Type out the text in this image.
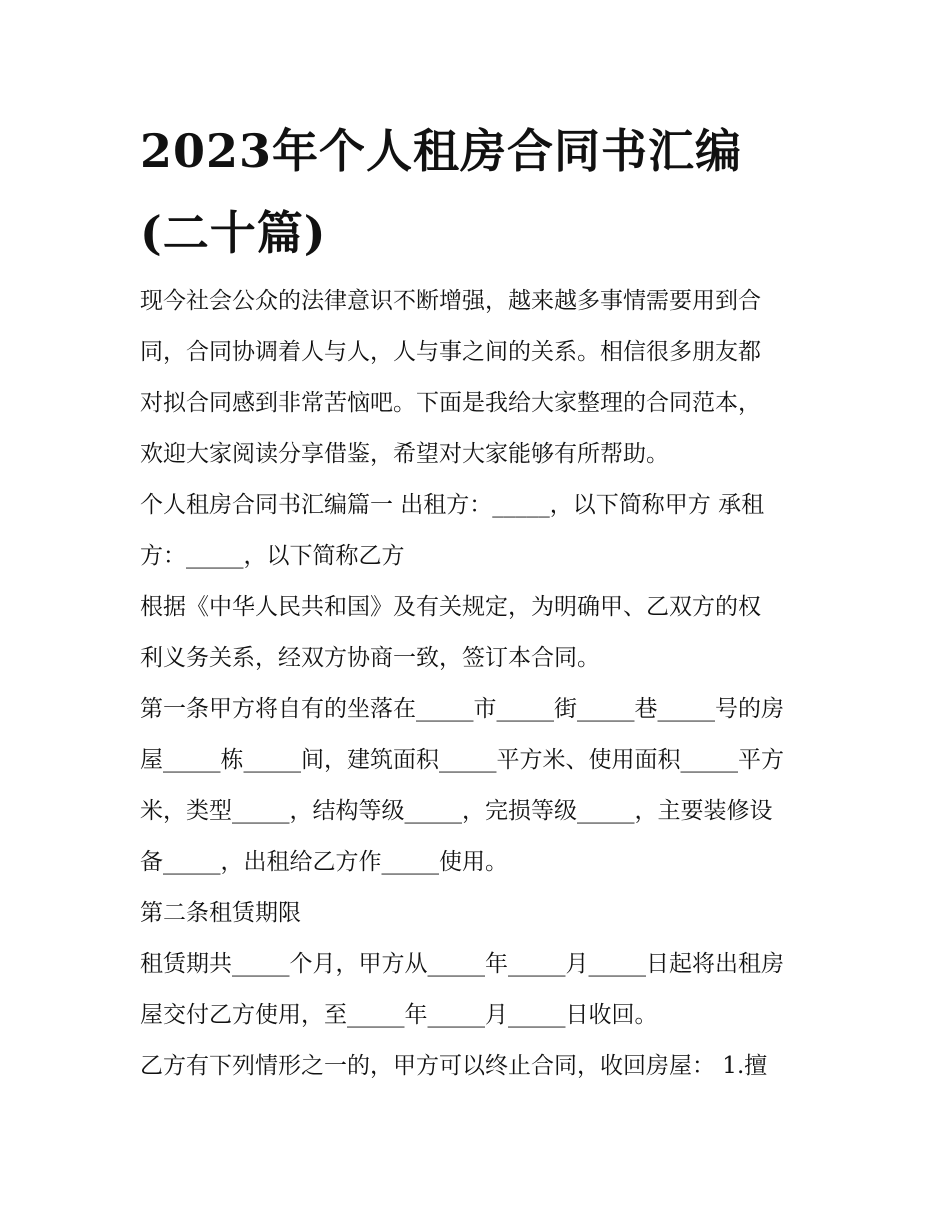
2023年个人租房合同书汇编
(二十篇)

现今社会公众的法律意识不断增强，越来越多事情需要用到合
同，合同协调着人与人，人与事之间的关系。相信很多朋友都
对拟合同感到非常苦恼吧。下面是我给大家整理的合同范本，
欢迎大家阅读分享借鉴，希望对大家能够有所帮助。

个人租房合同书汇编篇一 出租方：_____，以下简称甲方 承租
方：_____，以下简称乙方

根据《中华人民共和国》及有关规定，为明确甲、乙双方的权
利义务关系，经双方协商一致，签订本合同。

第一条甲方将自有的坐落在_____市_____街_____巷_____号的房
屋_____栋_____间，建筑面积_____平方米、使用面积_____平方
米，类型_____，结构等级_____，完损等级_____，主要装修设
备_____，出租给乙方作_____使用。

第二条租赁期限

租赁期共_____个月，甲方从_____年_____月_____日起将出租房
屋交付乙方使用，至_____年_____月_____日收回。

乙方有下列情形之一的，甲方可以终止合同，收回房屋： 1.擅
